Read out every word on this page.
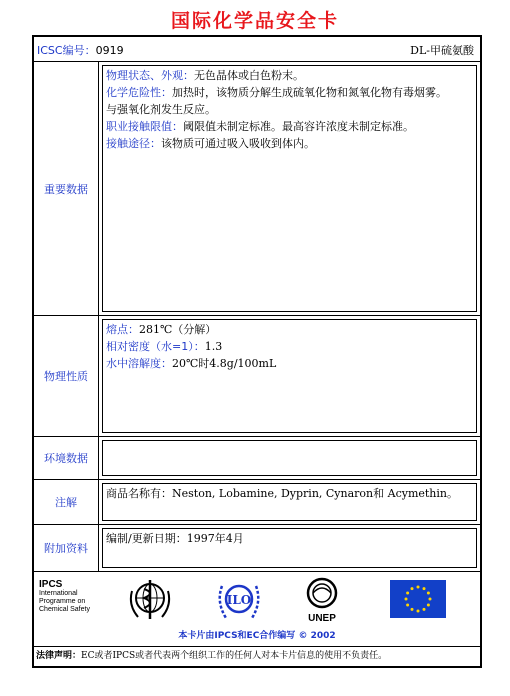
国际化学品安全卡
ICSC编号：0919	DL-甲硫氨酸
重要数据
物理状态、外观：无色晶体或白色粉末。
化学危险性：加热时，该物质分解生成硫氧化物和氮氧化物有毒烟雾。
与强氧化剂发生反应。
职业接触限值：阈限值未制定标准。最高容许浓度未制定标准。
接触途径：该物质可通过吸入吸收到体内。
物理性质
熔点：281℃（分解）
相对密度（水=1）：1.3
水中溶解度：20℃时4.8g/100mL
环境数据
注解
商品名称有：Neston, Lobamine, Dyprin, Cynaron和 Acymethin。
附加资料
编制/更新日期：1997年4月
IPCS
International
Programme on
Chemical Safety
ILO
UNEP
本卡片由IPCS和EC合作编写 © 2002
法律声明：EC或者IPCS或者代表两个组织工作的任何人对本卡片信息的使用不负责任。
